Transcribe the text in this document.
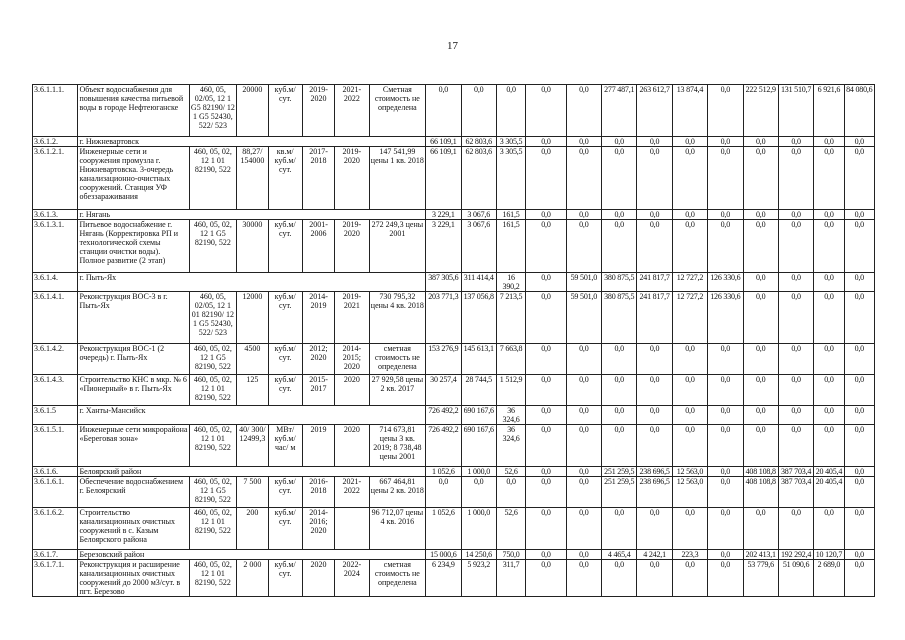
17
3.6.1.1.1.	Объект водоснабжения для повышения качества питьевой воды в городе Нефтеюганске	460, 05, 02/05, 12 1 G5 82190/ 12 1 G5 52430, 522/ 523	20000	куб.м/ сут.	2019-2020	2021-2022	Сметная стоимость не определена	0,0	0,0	0,0	0,0	0,0	277 487,1	263 612,7	13 874,4	0,0	222 512,9	131 510,7	6 921,6	84 080,6
3.6.1.2.	г. Нижневартовск							66 109,1	62 803,6	3 305,5	0,0	0,0	0,0	0,0	0,0	0,0	0,0	0,0	0,0	0,0
3.6.1.2.1.	Инженерные сети и сооружения промузла г. Нижневартовска. 3-очередь канализационно-очистных сооружений. Станция УФ обеззараживания	460, 05, 02, 12 1 01 82190, 522	88,27/ 154000	кв.м/ куб.м/ сут.	2017-2018	2019-2020	147 541,99 цены 1 кв. 2018	66 109,1	62 803,6	3 305,5	0,0	0,0	0,0	0,0	0,0	0,0	0,0	0,0	0,0	0,0
3.6.1.3.	г. Нягань							3 229,1	3 067,6	161,5	0,0	0,0	0,0	0,0	0,0	0,0	0,0	0,0	0,0	0,0
3.6.1.3.1.	Питьевое водоснабжение г. Нягань (Корректировка РП и технологической схемы станции очистки воды). Полное развитие (2 этап)	460, 05, 02, 12 1 G5 82190, 522	30000	куб.м/ сут.	2001-2006	2019-2020	272 249,3 цены 2001	3 229,1	3 067,6	161,5	0,0	0,0	0,0	0,0	0,0	0,0	0,0	0,0	0,0	0,0
3.6.1.4.	г. Пыть-Ях							387 305,6	311 414,4	16 390,2	0,0	59 501,0	380 875,5	241 817,7	12 727,2	126 330,6	0,0	0,0	0,0	0,0
3.6.1.4.1.	Реконструкция ВОС-3 в г. Пыть-Ях	460, 05, 02/05, 12 1 01 82190/ 12 1 G5 52430, 522/ 523	12000	куб.м/ сут.	2014-2019	2019-2021	730 795,32 цены 4 кв. 2018	203 771,3	137 056,8	7 213,5	0,0	59 501,0	380 875,5	241 817,7	12 727,2	126 330,6	0,0	0,0	0,0	0,0
3.6.1.4.2.	Реконструкция ВОС-1 (2 очередь) г. Пыть-Ях	460, 05, 02, 12 1 G5 82190, 522	4500	куб.м/ сут.	2012; 2020	2014-2015; 2020	сметная стоимость не определена	153 276,9	145 613,1	7 663,8	0,0	0,0	0,0	0,0	0,0	0,0	0,0	0,0	0,0	0,0
3.6.1.4.3.	Строительство КНС в мкр. № 6 «Пионерный» в г. Пыть-Ях	460, 05, 02, 12 1 01 82190, 522	125	куб.м/ сут.	2015-2017	2020	27 929,58 цены 2 кв. 2017	30 257,4	28 744,5	1 512,9	0,0	0,0	0,0	0,0	0,0	0,0	0,0	0,0	0,0	0,0
3.6.1.5	г. Ханты-Мансийск							726 492,2	690 167,6	36 324,6	0,0	0,0	0,0	0,0	0,0	0,0	0,0	0,0	0,0	0,0
3.6.1.5.1.	Инженерные сети микрорайона «Береговая зона»	460, 05, 02, 12 1 01 82190, 522	40/ 300/ 12499,3	МВт/ куб.м/ час/ м	2019	2020	714 673,81 цены 3 кв. 2019; 8 738,48 цены 2001	726 492,2	690 167,6	36 324,6	0,0	0,0	0,0	0,0	0,0	0,0	0,0	0,0	0,0	0,0
3.6.1.6.	Белоярский район							1 052,6	1 000,0	52,6	0,0	0,0	251 259,5	238 696,5	12 563,0	0,0	408 108,8	387 703,4	20 405,4	0,0
3.6.1.6.1.	Обеспечение водоснабжением г. Белоярский	460, 05, 02, 12 1 G5 82190, 522	7 500	куб.м/ сут.	2016-2018	2021-2022	667 464,81 цены 2 кв. 2018	0,0	0,0	0,0	0,0	0,0	251 259,5	238 696,5	12 563,0	0,0	408 108,8	387 703,4	20 405,4	0,0
3.6.1.6.2.	Строительство канализационных очистных сооружений в с. Казым Белоярского района	460, 05, 02, 12 1 01 82190, 522	200	куб.м/ сут.	2014-2016; 2020		96 712,07 цены 4 кв. 2016	1 052,6	1 000,0	52,6	0,0	0,0	0,0	0,0	0,0	0,0	0,0	0,0	0,0	0,0
3.6.1.7.	Березовский район							15 000,6	14 250,6	750,0	0,0	0,0	4 465,4	4 242,1	223,3	0,0	202 413,1	192 292,4	10 120,7	0,0
3.6.1.7.1.	Реконструкция и расширение канализационных очистных сооружений до 2000 м3/сут. в пгт. Березово	460, 05, 02, 12 1 01 82190, 522	2 000	куб.м/ сут.	2020	2022-2024	сметная стоимость не определена	6 234,9	5 923,2	311,7	0,0	0,0	0,0	0,0	0,0	0,0	53 779,6	51 090,6	2 689,0	0,0
